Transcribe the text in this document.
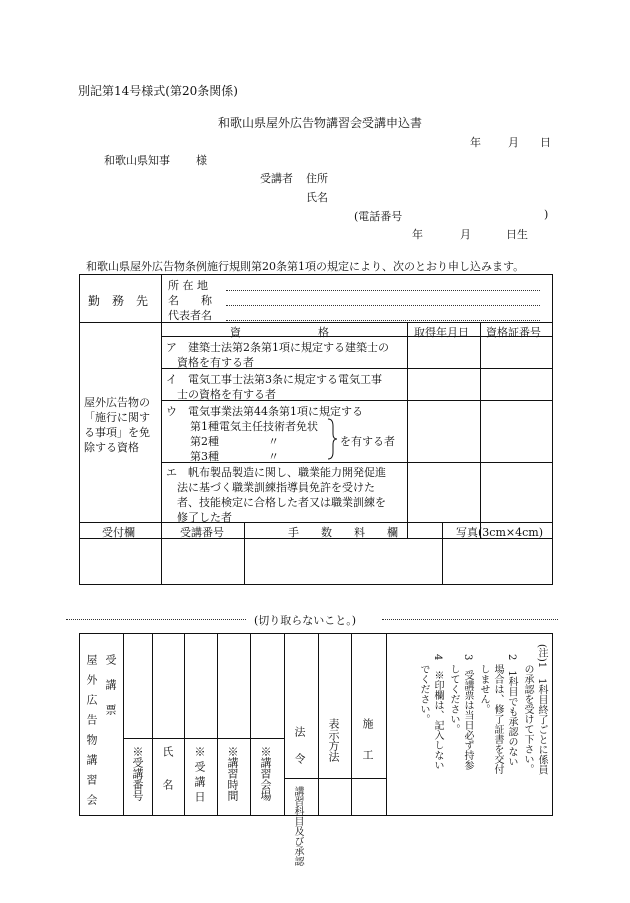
別記第14号様式(第20条関係)
和歌山県屋外広告物講習会受講申込書
年 月 日
和歌山県知事 様
受講者 住所
氏名
(電話番号	)
年	月	日生
和歌山県屋外広告物条例施行規則第20条第1項の規定により、次のとおり申し込みます。
勤　務　先
所 在 地
名　　称
代表者名
屋外広告物の
「施行に関す
る事項」を免
除する資格
資　　　　　　　格	取得年月日 資格証番号
ア　建築士法第2条第1項に規定する建築士の
　資格を有する者
イ　電気工事士法第3条に規定する電気工事
　士の資格を有する者
ウ　電気事業法第44条第1項に規定する
第1種電気主任技術者免状
第2種	〃
第3種	〃
を有する者
エ　帆布製品製造に関し、職業能力開発促進
　法に基づく職業訓練指導員免許を受けた
　者、技能検定に合格した者又は職業訓練を
　修了した者
受付欄	受講番号	手　　数　　料　　欄	写真(3cm×4cm)
(切り取らないこと。)
屋外広告物講習会 受講票
※受講番号 氏　　名 ※受講日 ※講習時間 ※講習会場
講習科目及び承認
法令 表示方法 施工	(注)1　1科目終了ごとに係員
　　の承認を受けて下さい。
　2　1科目でも承認のない
　　場合は、修了証書を交付
　　しません。
　3　受講票は当日必ず持参
　　してください。
　4　※印欄は、記入しない
　　でください。
